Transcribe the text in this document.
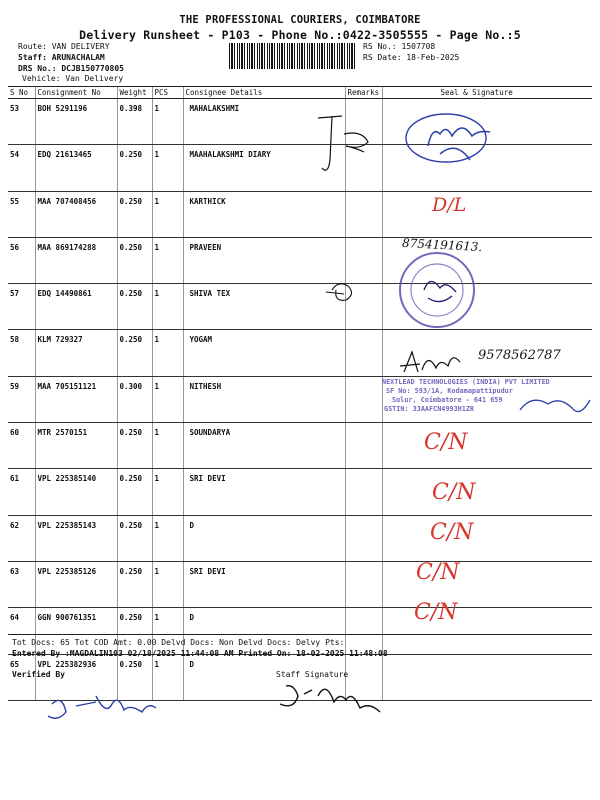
THE PROFESSIONAL COURIERS, COIMBATORE
Delivery Runsheet - P103 - Phone No.:0422-3505555 - Page No.:5
Route: VAN DELIVERY
Staff: ARUNACHALAM
DRS No.: DCJB150770805
Vehicle: Van Delivery
RS No.: 1507708
RS Date: 18-Feb-2025
S No	Consignment No	Weight	PCS	Consignee Details	Remarks	Seal & Signature
53	BOH 5291196	0.398	1	MAHALAKSHMI		
54	EDQ 21613465	0.250	1	MAAHALAKSHMI DIARY		
55	MAA 707408456	0.250	1	KARTHICK		
56	MAA 869174288	0.250	1	PRAVEEN		
57	EDQ 14490861	0.250	1	SHIVA TEX		
58	KLM 729327	0.250	1	YOGAM		
59	MAA 705151121	0.300	1	NITHESH		
60	MTR 2570151	0.250	1	SOUNDARYA		
61	VPL 225385140	0.250	1	SRI DEVI		
62	VPL 225385143	0.250	1	D		
63	VPL 225385126	0.250	1	SRI DEVI		
64	GGN 900761351	0.250	1	D		
65	VPL 225382936	0.250	1	D		
D/L
8754191613.
9578562787
NEXTLEAD TECHNOLOGIES (INDIA) PVT LIMITED
SF No: 593/1A, Kodamapattipudur
Sulur, Coimbatore - 641 659
GSTIN: 33AAFCN4993H1ZR
C/N
C/N
C/N
C/N
C/N
Tot Docs: 65 Tot COD Amt: 0.00 Delvd Docs: Non Delvd Docs: Delvy Pts:
Entered By :MAGDALIN103 02/18/2025 11:44:08 AM Printed On: 18-02-2025 11:48:08
Verified By	Staff Signature
